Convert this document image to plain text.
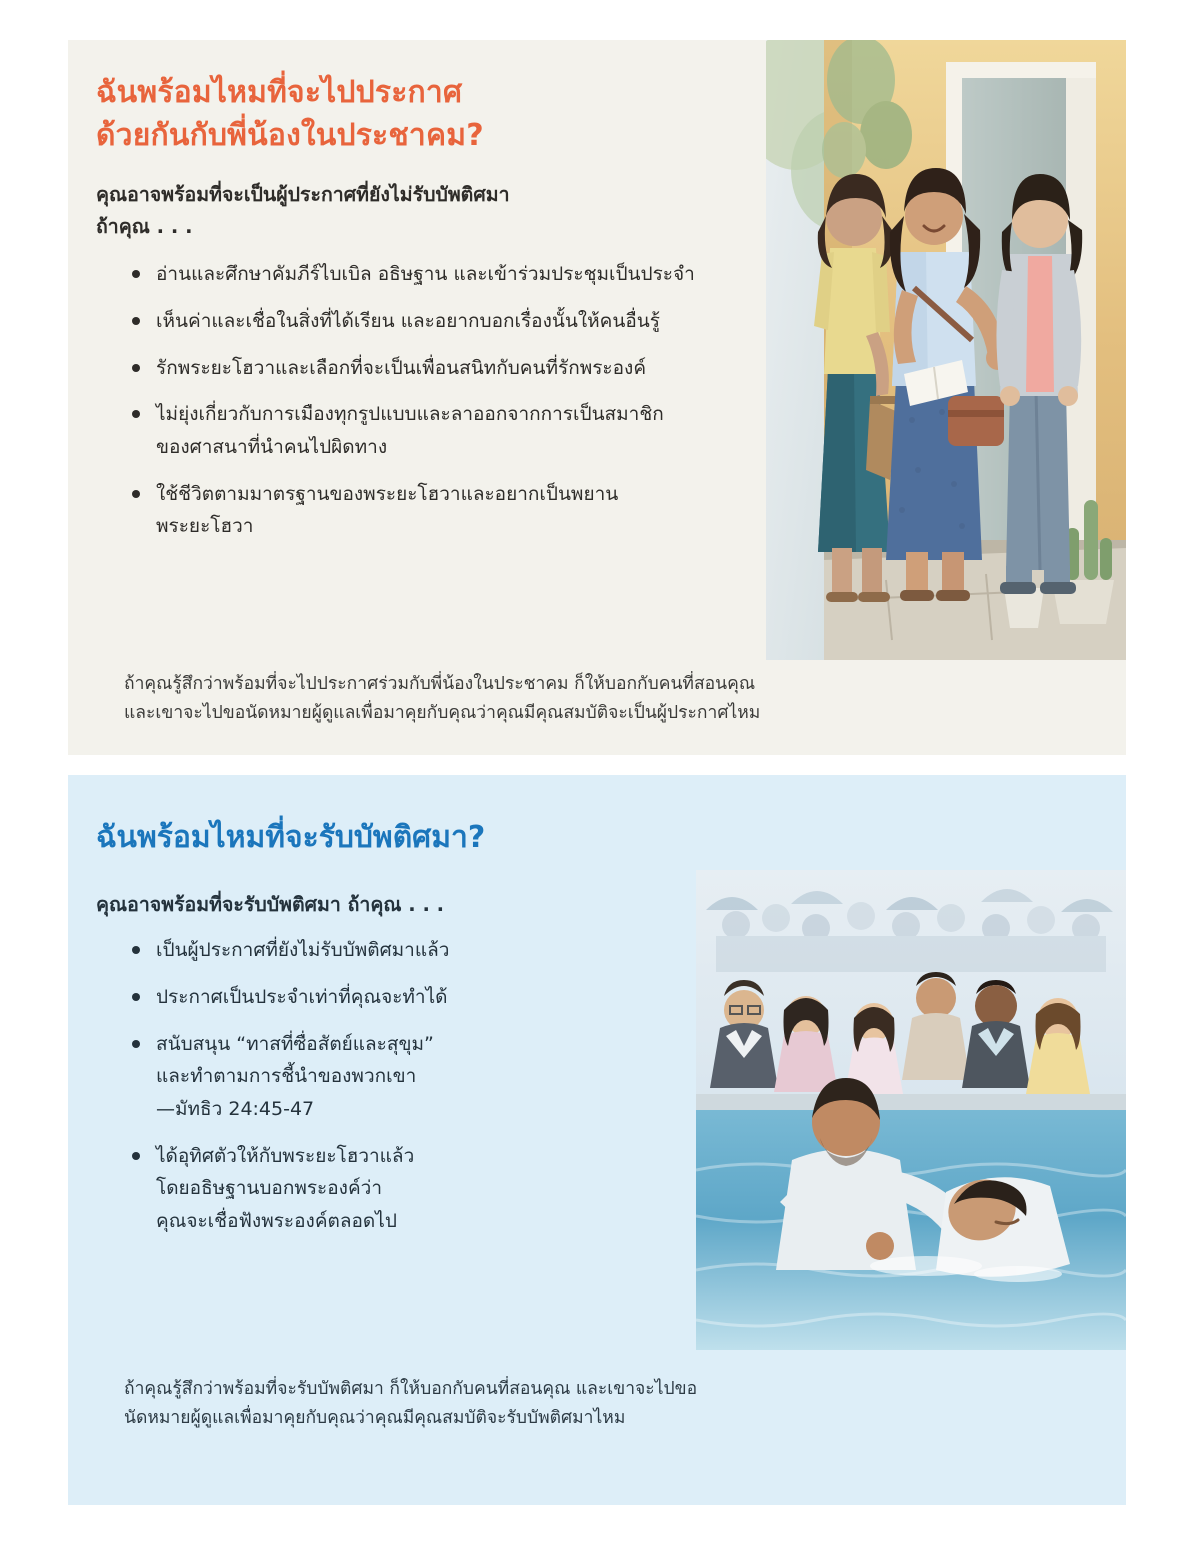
ฉันพร้อมไหมที่จะไปประกาศ
ด้วยกันกับพี่น้องในประชาคม?

คุณอาจพร้อมที่จะเป็นผู้ประกาศที่ยังไม่รับบัพติศมา
ถ้าคุณ . . .

อ่านและศึกษาคัมภีร์ไบเบิล อธิษฐาน และเข้าร่วมประชุมเป็นประจำ
เห็นค่าและเชื่อในสิ่งที่ได้เรียน และอยากบอกเรื่องนั้นให้คนอื่นรู้
รักพระยะโฮวาและเลือกที่จะเป็นเพื่อนสนิทกับคนที่รักพระองค์
ไม่ยุ่งเกี่ยวกับการเมืองทุกรูปแบบและลาออกจากการเป็นสมาชิก
ของศาสนาที่นำคนไปผิดทาง
ใช้ชีวิตตามมาตรฐานของพระยะโฮวาและอยากเป็นพยาน
พระยะโฮวา
ถ้าคุณรู้สึกว่าพร้อมที่จะไปประกาศร่วมกับพี่น้องในประชาคม ก็ให้บอกกับคนที่สอนคุณ
และเขาจะไปขอนัดหมายผู้ดูแลเพื่อมาคุยกับคุณว่าคุณมีคุณสมบัติจะเป็นผู้ประกาศไหม
ฉันพร้อมไหมที่จะรับบัพติศมา?

คุณอาจพร้อมที่จะรับบัพติศมา ถ้าคุณ . . .

เป็นผู้ประกาศที่ยังไม่รับบัพติศมาแล้ว
ประกาศเป็นประจำเท่าที่คุณจะทำได้
สนับสนุน “ทาสที่ซื่อสัตย์และสุขุม”
และทำตามการชี้นำของพวกเขา
—มัทธิว 24:45-47
ได้อุทิศตัวให้กับพระยะโฮวาแล้ว
โดยอธิษฐานบอกพระองค์ว่า
คุณจะเชื่อฟังพระองค์ตลอดไป
ถ้าคุณรู้สึกว่าพร้อมที่จะรับบัพติศมา ก็ให้บอกกับคนที่สอนคุณ และเขาจะไปขอ
นัดหมายผู้ดูแลเพื่อมาคุยกับคุณว่าคุณมีคุณสมบัติจะรับบัพติศมาไหม
